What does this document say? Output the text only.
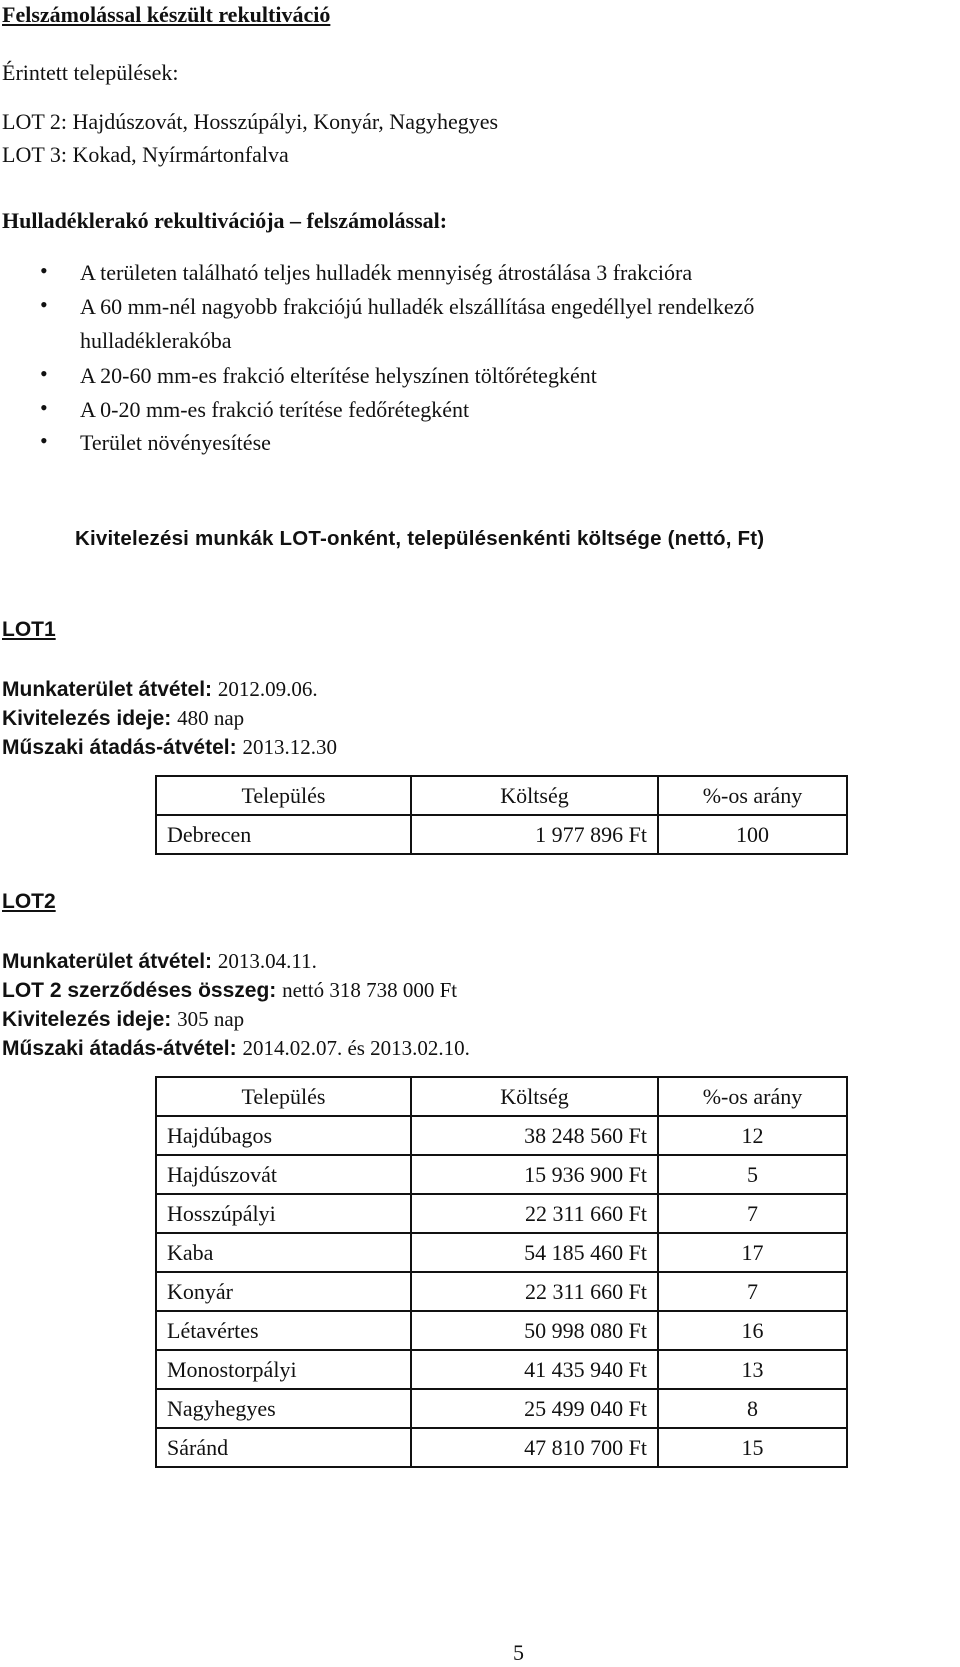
Felszámolással készült rekultiváció
Érintett települések:
LOT 2: Hajdúszovát, Hosszúpályi, Konyár, Nagyhegyes
LOT 3: Kokad, Nyírmártonfalva
Hulladéklerakó rekultivációja – felszámolással:
• A területen található teljes hulladék mennyiség átrostálása 3 frakcióra
• A 60 mm-nél nagyobb frakciójú hulladék elszállítása engedéllyel rendelkező
hulladéklerakóba
• A 20-60 mm-es frakció elterítése helyszínen töltőrétegként
• A 0-20 mm-es frakció terítése fedőrétegként
• Terület növényesítése
Kivitelezési munkák LOT-onként, településenkénti költsége (nettó, Ft)
LOT1
Munkaterület átvétel: 2012.09.06.
Kivitelezés ideje: 480 nap
Műszaki átadás-átvétel: 2013.12.30
Település	Költség	%-os arány
Debrecen	1 977 896 Ft	100
LOT2
Munkaterület átvétel: 2013.04.11.
LOT 2 szerződéses összeg: nettó 318 738 000 Ft
Kivitelezés ideje: 305 nap
Műszaki átadás-átvétel: 2014.02.07. és 2013.02.10.
Település	Költség	%-os arány
Hajdúbagos	38 248 560 Ft	12
Hajdúszovát	15 936 900 Ft	5
Hosszúpályi	22 311 660 Ft	7
Kaba	54 185 460 Ft	17
Konyár	22 311 660 Ft	7
Létavértes	50 998 080 Ft	16
Monostorpályi	41 435 940 Ft	13
Nagyhegyes	25 499 040 Ft	8
Sáránd	47 810 700 Ft	15
5
